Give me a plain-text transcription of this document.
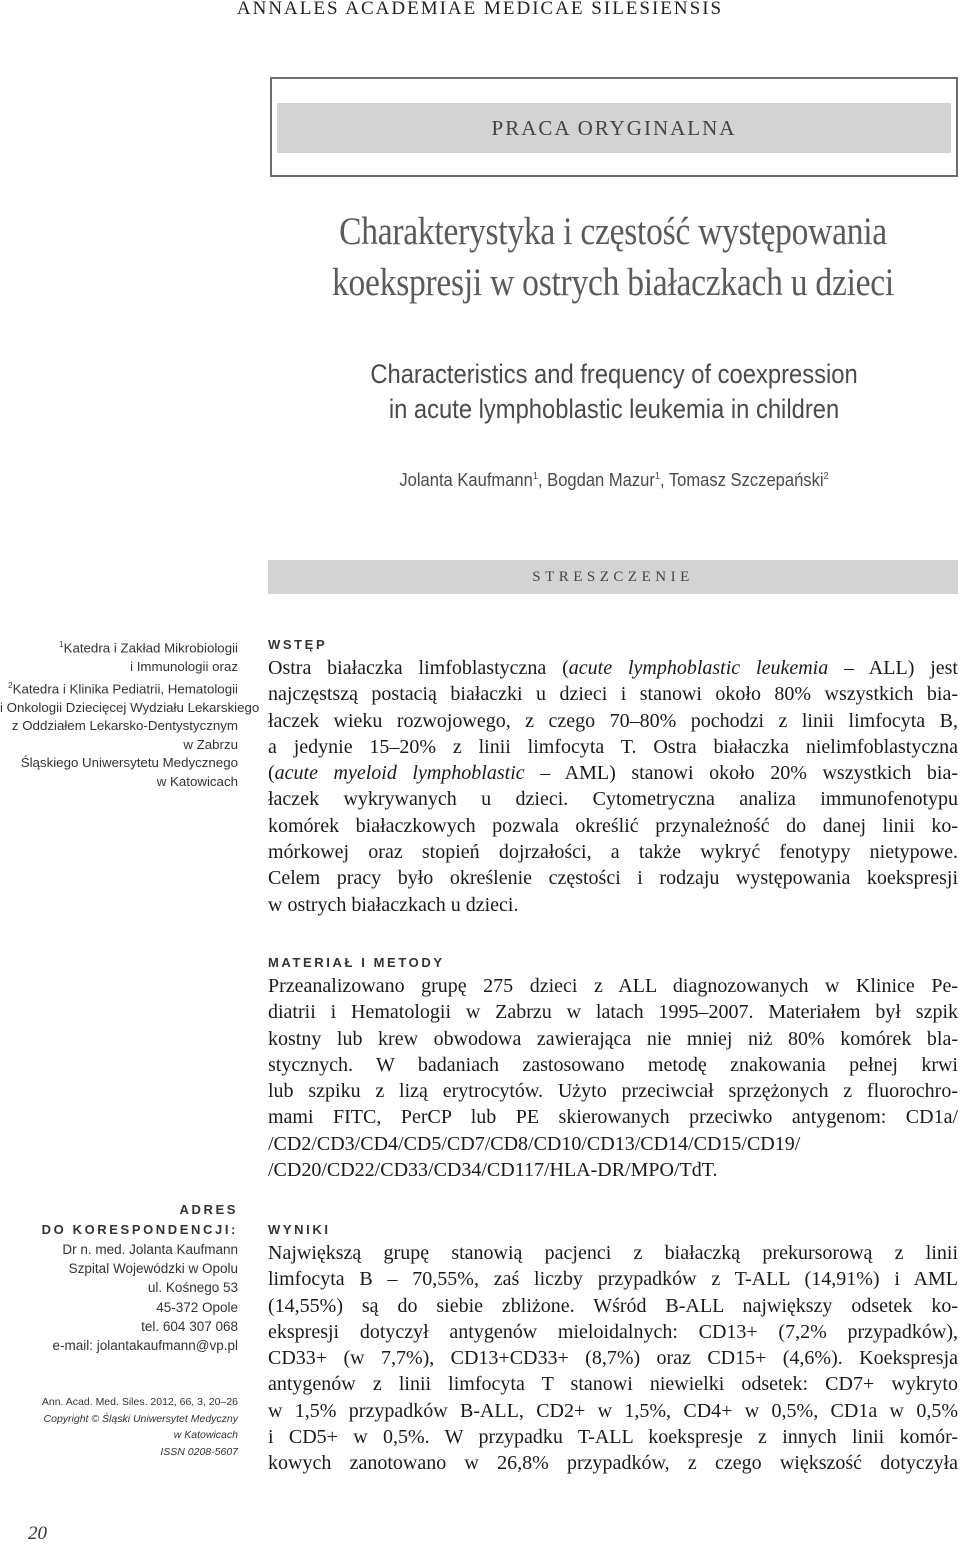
ANNALES ACADEMIAE MEDICAE SILESIENSIS
PRACA ORYGINALNA
Charakterystyka i częstość występowania
koekspresji w ostrych białaczkach u dzieci
Characteristics and frequency of coexpression
in acute lymphoblastic leukemia in children
Jolanta Kaufmann$^1$, Bogdan Mazur$^1$, Tomasz Szczepański$^2$
STRESZCZENIE
$^1$Katedra i Zakład Mikrobiologii
i Immunologii oraz
$^2$Katedra i Klinika Pediatrii, Hematologii
i Onkologii Dziecięcej Wydziału Lekarskiego
z Oddziałem Lekarsko-Dentystycznym
w Zabrzu
Śląskiego Uniwersytetu Medycznego
w Katowicach
WSTĘP
Ostra białaczka limfoblastyczna (acute lymphoblastic leukemia – ALL) jest
najczęstszą postacią białaczki u dzieci i stanowi około 80% wszystkich bia-
łaczek wieku rozwojowego, z czego 70–80% pochodzi z linii limfocyta B,
a jedynie 15–20% z linii limfocyta T. Ostra białaczka nielimfoblastyczna
(acute myeloid lymphoblastic – AML) stanowi około 20% wszystkich bia-
łaczek wykrywanych u dzieci. Cytometryczna analiza immunofenotypu
komórek białaczkowych pozwala określić przynależność do danej linii ko-
mórkowej oraz stopień dojrzałości, a także wykryć fenotypy nietypowe.
Celem pracy było określenie częstości i rodzaju występowania koekspresji
w ostrych białaczkach u dzieci.
MATERIAŁ I METODY
Przeanalizowano grupę 275 dzieci z ALL diagnozowanych w Klinice Pe-
diatrii i Hematologii w Zabrzu w latach 1995–2007. Materiałem był szpik
kostny lub krew obwodowa zawierająca nie mniej niż 80% komórek bla-
stycznych. W badaniach zastosowano metodę znakowania pełnej krwi
lub szpiku z lizą erytrocytów. Użyto przeciwciał sprzężonych z fluorochro-
mami FITC, PerCP lub PE skierowanych przeciwko antygenom: CD1a/
/CD2/CD3/CD4/CD5/CD7/CD8/CD10/CD13/CD14/CD15/CD19/
/CD20/CD22/CD33/CD34/CD117/HLA-DR/MPO/TdT.
WYNIKI
Największą grupę stanowią pacjenci z białaczką prekursorową z linii
limfocyta B – 70,55%, zaś liczby przypadków z T-ALL (14,91%) i AML
(14,55%) są do siebie zbliżone. Wśród B-ALL największy odsetek ko-
ekspresji dotyczył antygenów mieloidalnych: CD13+ (7,2% przypadków),
CD33+ (w 7,7%), CD13+CD33+ (8,7%) oraz CD15+ (4,6%). Koekspresja
antygenów z linii limfocyta T stanowi niewielki odsetek: CD7+ wykryto
w 1,5% przypadków B-ALL, CD2+ w 1,5%, CD4+ w 0,5%, CD1a w 0,5%
i CD5+ w 0,5%. W przypadku T-ALL koekspresje z innych linii komór-
kowych zanotowano w 26,8% przypadków, z czego większość dotyczyła
ADRES
DO KORESPONDENCJI:
Dr n. med. Jolanta Kaufmann
Szpital Wojewódzki w Opolu
ul. Kośnego 53
45-372 Opole
tel. 604 307 068
e-mail: jolantakaufmann@vp.pl
Ann. Acad. Med. Siles. 2012, 66, 3, 20–26
Copyright © Śląski Uniwersytet Medyczny
w Katowicach
ISSN 0208-5607
20
